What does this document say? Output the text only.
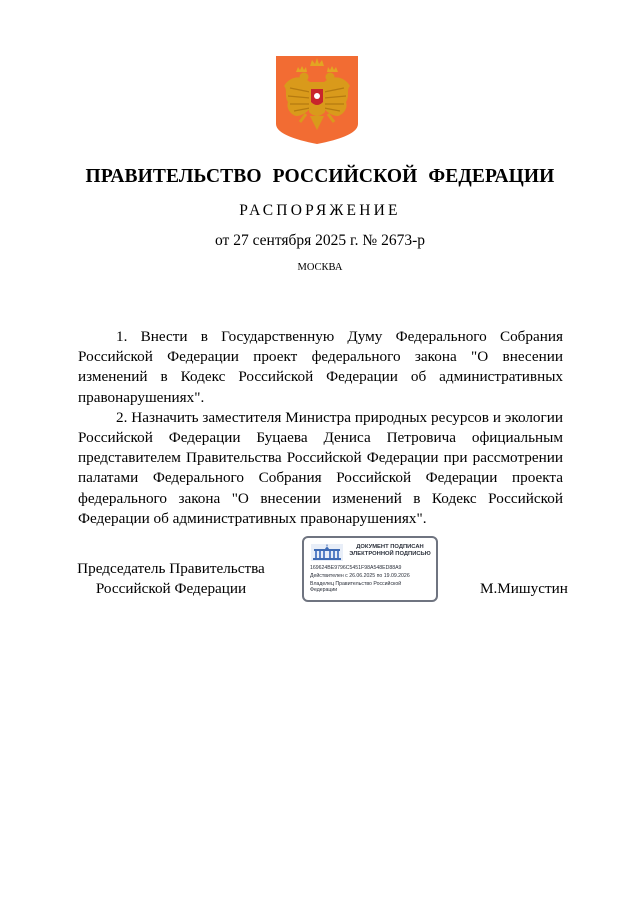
ПРАВИТЕЛЬСТВО РОССИЙСКОЙ ФЕДЕРАЦИИ
РАСПОРЯЖЕНИЕ
от 27 сентября 2025 г. № 2673-р
МОСКВА

1. Внести в Государственную Думу Федерального Собрания Российской Федерации проект федерального закона "О внесении изменений в Кодекс Российской Федерации об административных правонарушениях".

2. Назначить заместителя Министра природных ресурсов и экологии Российской Федерации Буцаева Дениса Петровича официальным представителем Правительства Российской Федерации при рассмотрении палатами Федерального Собрания Российской Федерации проекта федерального закона "О внесении изменений в Кодекс Российской Федерации об административных правонарушениях".

Председатель Правительства
Российской Федерации
ДОКУМЕНТ ПОДПИСАН
ЭЛЕКТРОННОЙ ПОДПИСЬЮ
169624BE9796C5451F98A548ED88A9
Действителен с 26.06.2025 по 19.09.2026
Владелец Правительство Российской
Федерации	М.Мишустин
